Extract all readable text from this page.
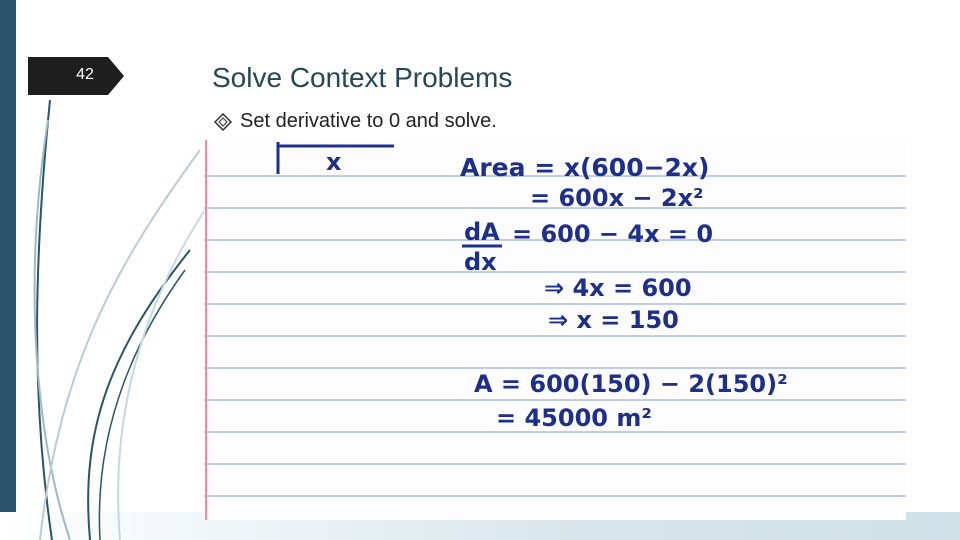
42	Solve Context Problems
Set derivative to 0 and solve.
x	Area = x(600−2x)
= 600x − 2x²
dA
dx
= 600 − 4x = 0
⇒ 4x = 600
⇒ x = 150
A = 600(150) − 2(150)²
= 45000 m²
